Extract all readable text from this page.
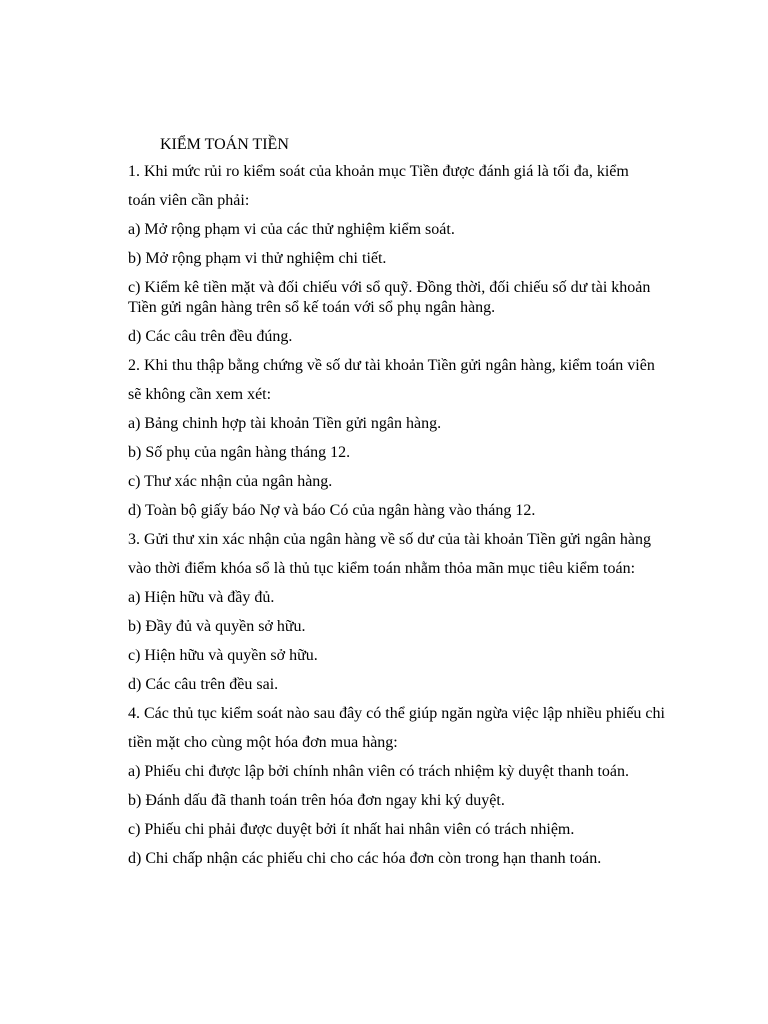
KIỂM TOÁN TIỀN
1. Khi mức rủi ro kiểm soát của khoản mục Tiền được đánh giá là tối đa, kiểm
toán viên cần phải:
a) Mở rộng phạm vi của các thử nghiệm kiểm soát.
b) Mở rộng phạm vi thử nghiệm chi tiết.
c) Kiểm kê tiền mặt và đối chiếu với sổ quỹ. Đồng thời, đối chiếu số dư tài khoản
Tiền gửi ngân hàng trên sổ kế toán với sổ phụ ngân hàng.
d) Các câu trên đều đúng.
2. Khi thu thập bằng chứng về số dư tài khoản Tiền gửi ngân hàng, kiểm toán viên
sẽ không cần xem xét:
a) Bảng chinh hợp tài khoản Tiền gửi ngân hàng.
b) Số phụ của ngân hàng tháng 12.
c) Thư xác nhận của ngân hàng.
d) Toàn bộ giấy báo Nợ và báo Có của ngân hàng vào tháng 12.
3. Gửi thư xin xác nhận của ngân hàng về số dư của tài khoản Tiền gửi ngân hàng
vào thời điểm khóa sổ là thủ tục kiểm toán nhằm thỏa mãn mục tiêu kiểm toán:
a) Hiện hữu và đầy đủ.
b) Đầy đủ và quyền sở hữu.
c) Hiện hữu và quyền sở hữu.
d) Các câu trên đều sai.
4. Các thủ tục kiểm soát nào sau đây có thể giúp ngăn ngừa việc lập nhiều phiếu chi
tiền mặt cho cùng một hóa đơn mua hàng:
a) Phiếu chi được lập bởi chính nhân viên có trách nhiệm kỳ duyệt thanh toán.
b) Đánh dấu đã thanh toán trên hóa đơn ngay khi ký duyệt.
c) Phiếu chi phải được duyệt bởi ít nhất hai nhân viên có trách nhiệm.
d) Chi chấp nhận các phiếu chi cho các hóa đơn còn trong hạn thanh toán.
